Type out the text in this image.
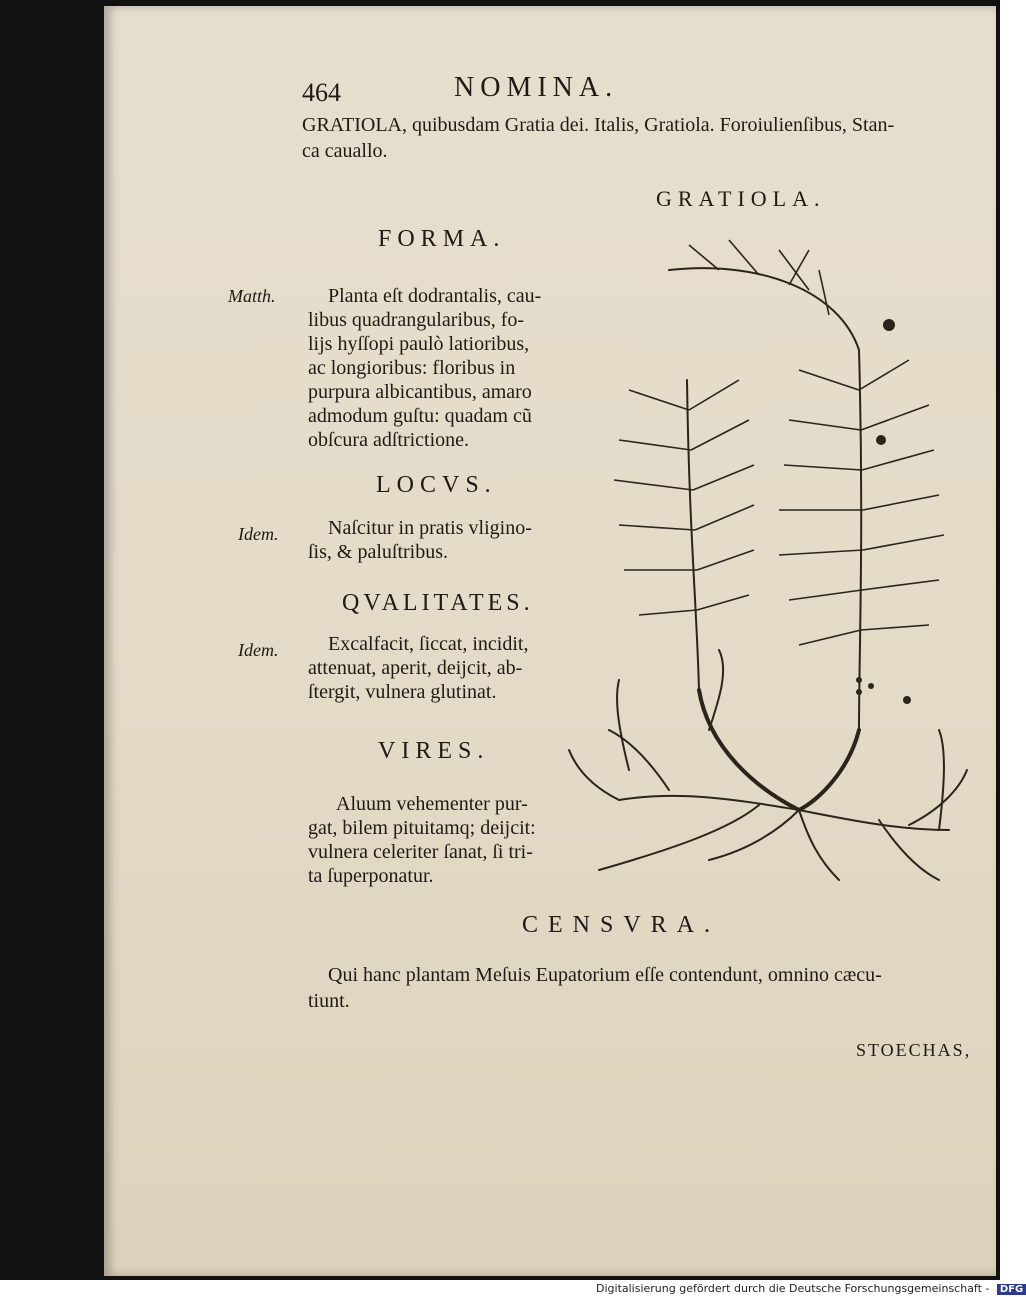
464	NOMINA.
GRATIOLA, quibusdam Gratia dei. Italis, Gratiola. Foroiulienſibus, Stan-
ca cauallo.
GRATIOLA.
FORMA.
Matth.	Planta eſt dodrantalis, cau-
libus quadrangularibus, fo-
lijs hyſſopi paulò latioribus,
ac longioribus: floribus in
purpura albicantibus, amaro
admodum guſtu: quadam cũ
obſcura adſtrictione.
LOCVS.
Idem.	Naſcitur in pratis vligino-
ſis, & paluſtribus.
QVALITATES.
Idem.	Excalfacit, ſiccat, incidit,
attenuat, aperit, deijcit, ab-
ſtergit, vulnera glutinat.
VIRES.
Aluum vehementer pur-
gat, bilem pituitamq; deijcit:
vulnera celeriter ſanat, ſi tri-
ta ſuperponatur.
CENSVRA.
Qui hanc plantam Meſuis Eupatorium eſſe contendunt, omnino cæcu-
tiunt.
STOECHAS,
Digitalisierung gefördert durch die Deutsche Forschungsgemeinschaft - DFG
